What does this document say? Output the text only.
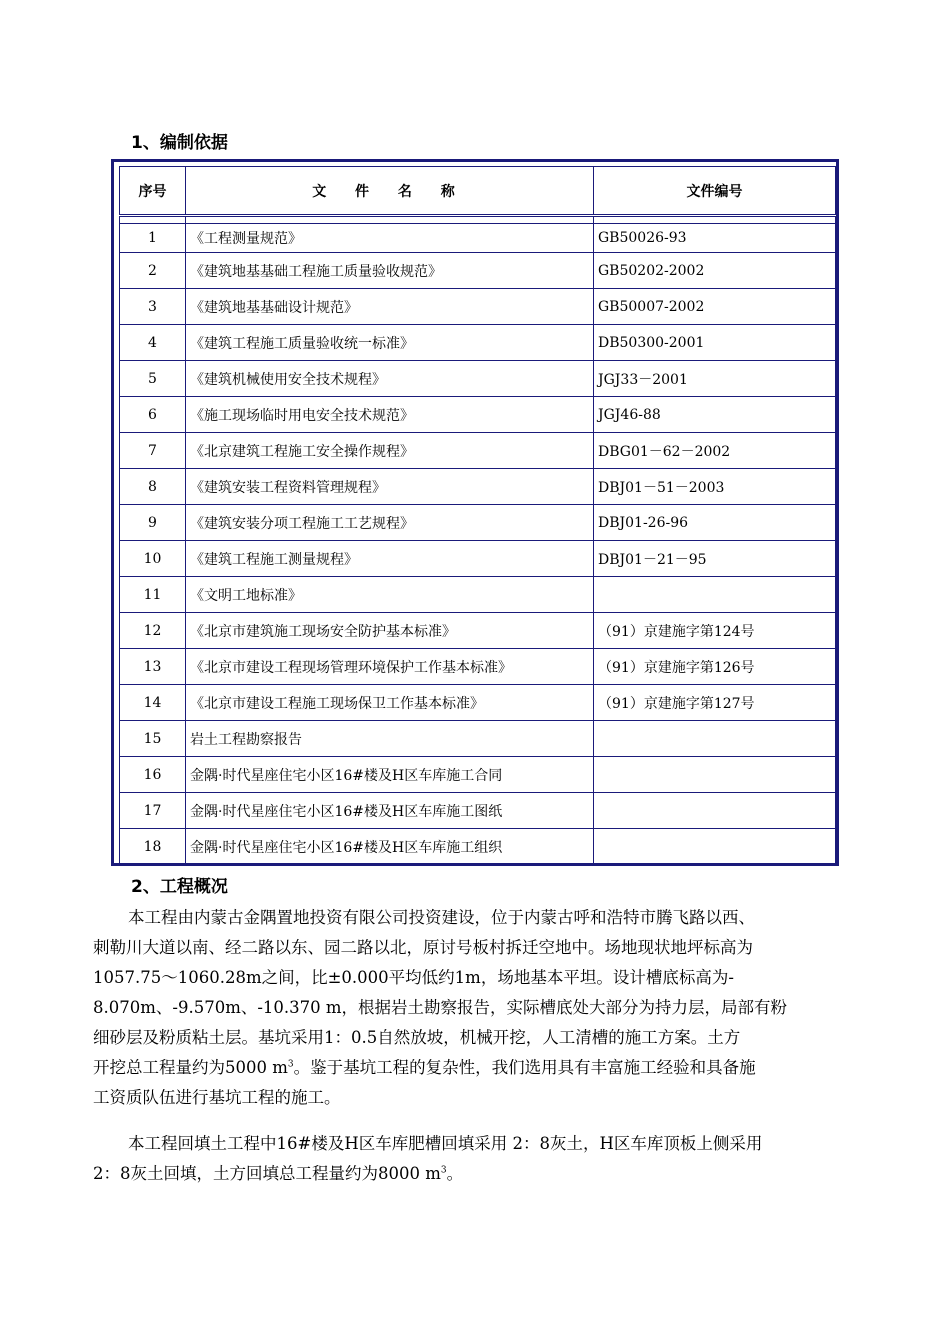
1、编制依据
序号	文 件 名 称	文件编号

1	《工程测量规范》	GB50026-93
2	《建筑地基基础工程施工质量验收规范》	GB50202-2002
3	《建筑地基基础设计规范》	GB50007-2002
4	《建筑工程施工质量验收统一标准》	DB50300-2001
5	《建筑机械使用安全技术规程》	JGJ33－2001
6	《施工现场临时用电安全技术规范》	JGJ46-88
7	《北京建筑工程施工安全操作规程》	DBG01－62－2002
8	《建筑安装工程资料管理规程》	DBJ01－51－2003
9	《建筑安装分项工程施工工艺规程》	DBJ01-26-96
10	《建筑工程施工测量规程》	DBJ01－21－95
11	《文明工地标准》	
12	《北京市建筑施工现场安全防护基本标准》	（91）京建施字第124号
13	《北京市建设工程现场管理环境保护工作基本标准》	（91）京建施字第126号
14	《北京市建设工程施工现场保卫工作基本标准》	（91）京建施字第127号
15	岩土工程勘察报告	
16	金隅·时代星座住宅小区16#楼及H区车库施工合同	
17	金隅·时代星座住宅小区16#楼及H区车库施工图纸	
18	金隅·时代星座住宅小区16#楼及H区车库施工组织	
2、工程概况
本工程由内蒙古金隅置地投资有限公司投资建设，位于内蒙古呼和浩特市腾飞路以西、
刺勒川大道以南、经二路以东、园二路以北，原讨号板村拆迁空地中。场地现状地坪标高为
1057.75～1060.28m之间，比±0.000平均低约1m，场地基本平坦。设计槽底标高为-
8.070m、-9.570m、-10.370 m，根据岩土勘察报告，实际槽底处大部分为持力层，局部有粉
细砂层及粉质粘土层。基坑采用1：0.5自然放坡，机械开挖，人工清槽的施工方案。土方
开挖总工程量约为5000 $m^3$。鉴于基坑工程的复杂性，我们选用具有丰富施工经验和具备施
工资质队伍进行基坑工程的施工。
本工程回填土工程中16#楼及H区车库肥槽回填采用 2：8灰土，H区车库顶板上侧采用
2：8灰土回填，土方回填总工程量约为8000 $m^3$。
